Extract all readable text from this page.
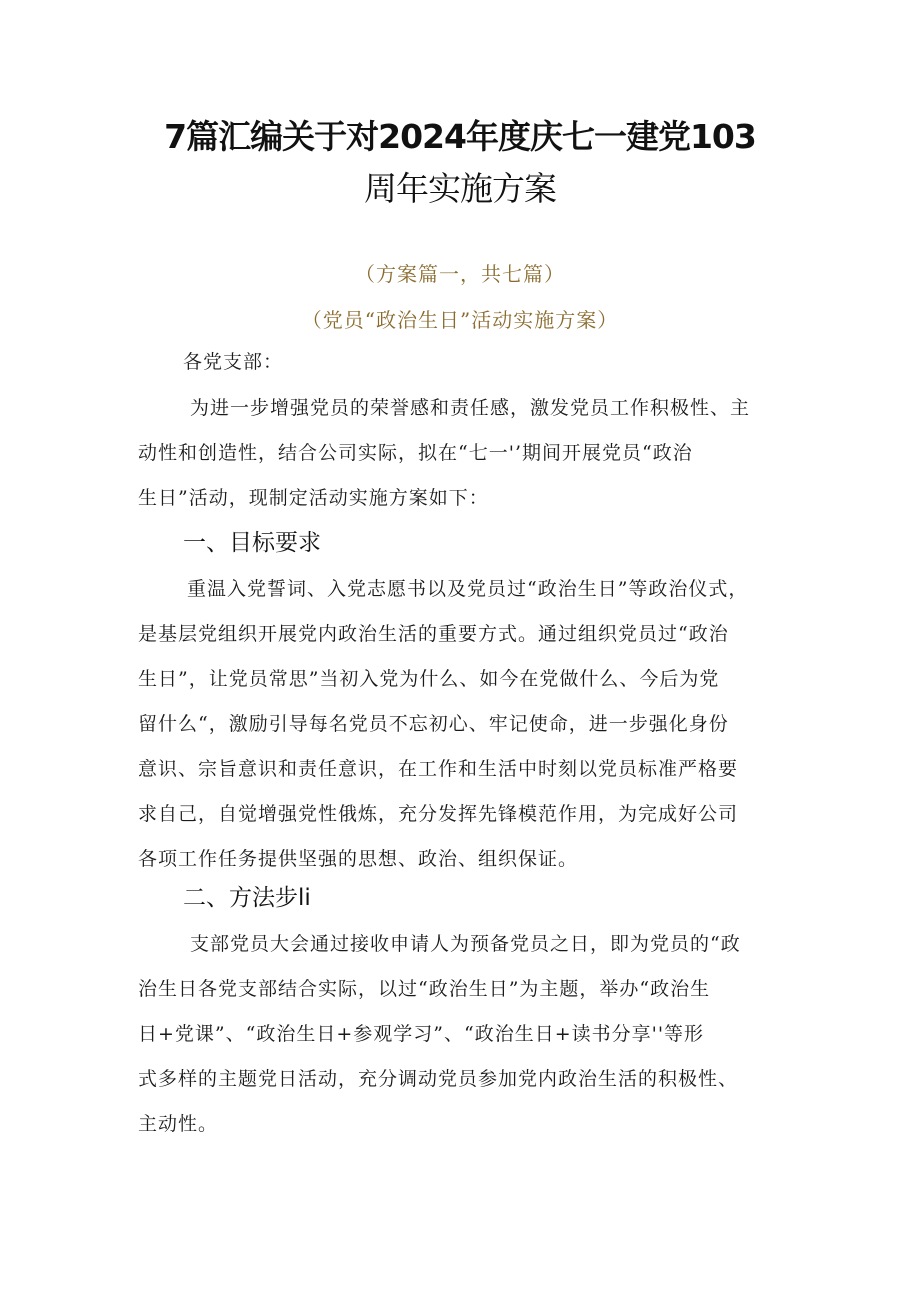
7篇汇编关于对2024年度庆七一建党103
周年实施方案
（方案篇一，共七篇）
（党员“政治生日”活动实施方案）
各党支部：
为进一步增强党员的荣誉感和责任感，激发党员工作积极性、主
动性和创造性，结合公司实际，拟在“七一'’期间开展党员“政治
生日”活动，现制定活动实施方案如下：
一、目标要求
重温入党誓词、入党志愿书以及党员过“政治生日”等政治仪式，
是基层党组织开展党内政治生活的重要方式。通过组织党员过“政治
生日”，让党员常思”当初入党为什么、如今在党做什么、今后为党
留什么“，激励引导每名党员不忘初心、牢记使命，进一步强化身份
意识、宗旨意识和责任意识，在工作和生活中时刻以党员标准严格要
求自己，自觉增强党性俄炼，充分发挥先锋模范作用，为完成好公司
各项工作任务提供坚强的思想、政治、组织保证。
二、方法步li
支部党员大会通过接收申请人为预备党员之日，即为党员的“政
治生日各党支部结合实际，以过“政治生日”为主题，举办“政治生
日+党课”、“政治生日+参观学习”、“政治生日+读书分享''等形
式多样的主题党日活动，充分调动党员参加党内政治生活的积极性、
主动性。
